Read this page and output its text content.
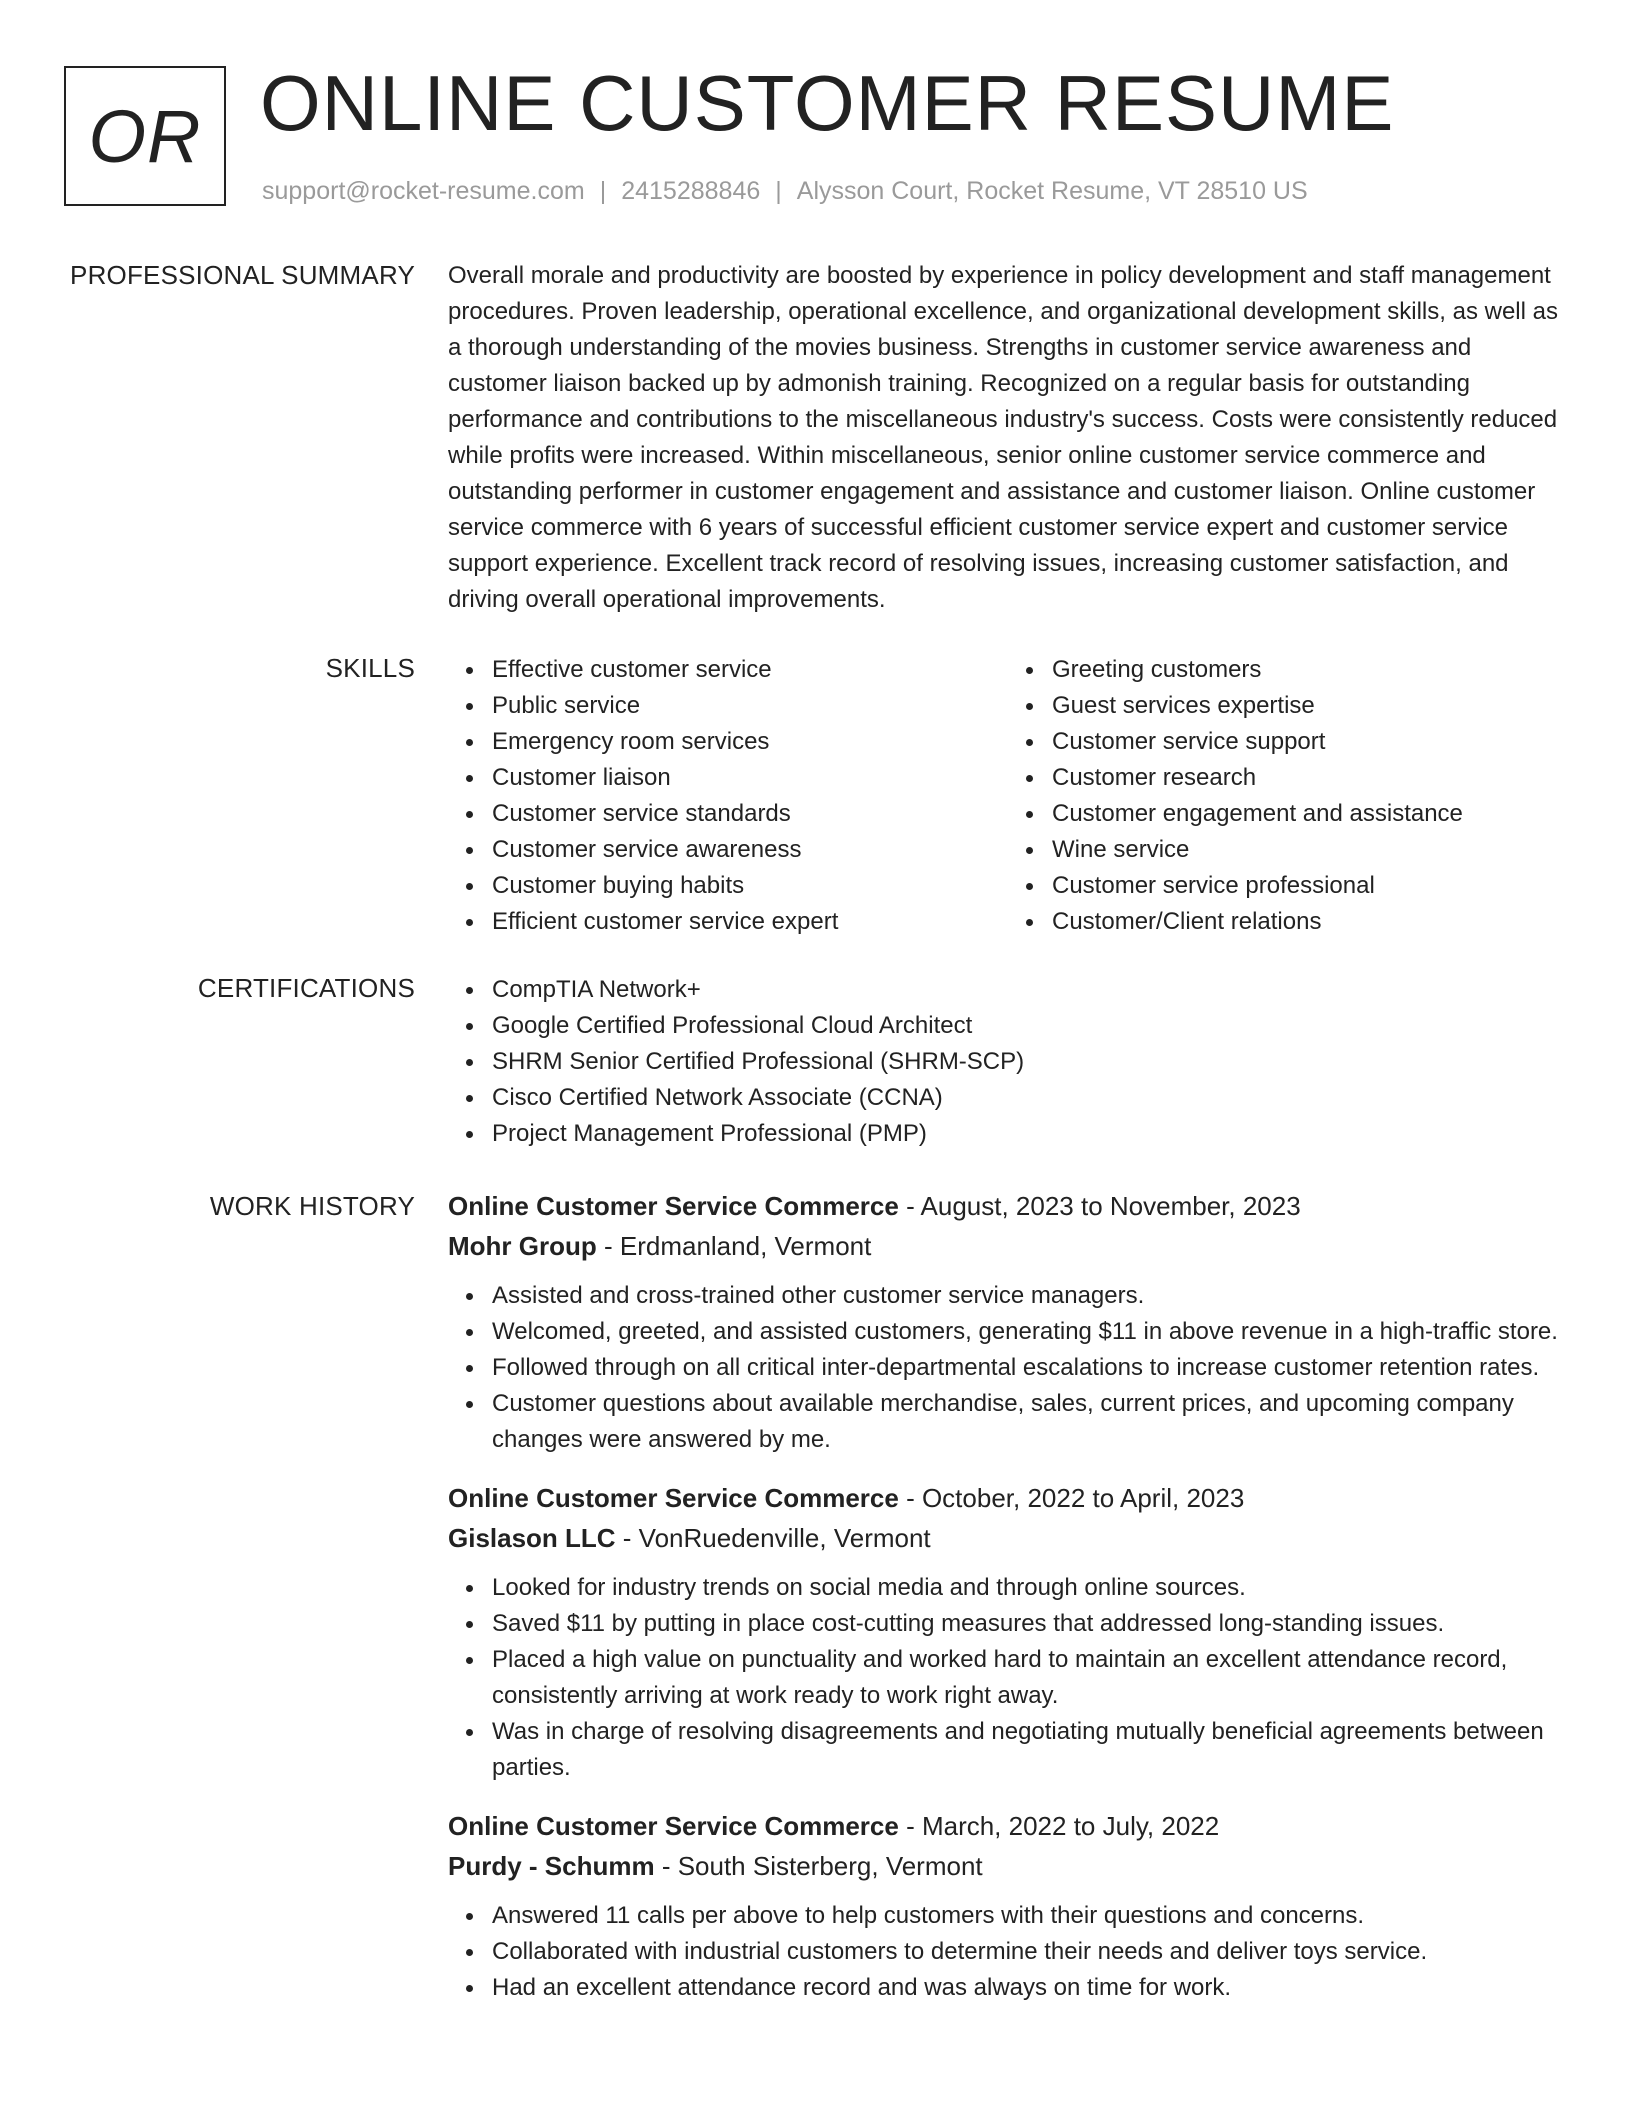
OR ONLINE CUSTOMER RESUME
support@rocket-resume.com | 2415288846 | Alysson Court, Rocket Resume, VT 28510 US
PROFESSIONAL SUMMARY Overall morale and productivity are boosted by experience in policy development and staff management procedures. Proven leadership, operational excellence, and organizational development skills, as well as a thorough understanding of the movies business. Strengths in customer service awareness and customer liaison backed up by admonish training. Recognized on a regular basis for outstanding performance and contributions to the miscellaneous industry's success. Costs were consistently reduced while profits were increased. Within miscellaneous, senior online customer service commerce and outstanding performer in customer engagement and assistance and customer liaison. Online customer service commerce with 6 years of successful efficient customer service expert and customer service support experience. Excellent track record of resolving issues, increasing customer satisfaction, and driving overall operational improvements.

SKILLS	Effective customer service
Public service
Emergency room services
Customer liaison
Customer service standards
Customer service awareness
Customer buying habits
Efficient customer service expert
Greeting customers
Guest services expertise
Customer service support
Customer research
Customer engagement and assistance
Wine service
Customer service professional
Customer/Client relations
CERTIFICATIONS	CompTIA Network+
Google Certified Professional Cloud Architect
SHRM Senior Certified Professional (SHRM-SCP)
Cisco Certified Network Associate (CCNA)
Project Management Professional (PMP)
WORK HISTORY Online Customer Service Commerce - August, 2023 to November, 2023
Mohr Group - Erdmanland, Vermont
Assisted and cross-trained other customer service managers.
Welcomed, greeted, and assisted customers, generating $11 in above revenue in a high-traffic store.
Followed through on all critical inter-departmental escalations to increase customer retention rates.
Customer questions about available merchandise, sales, current prices, and upcoming company changes were answered by me.
Online Customer Service Commerce - October, 2022 to April, 2023
Gislason LLC - VonRuedenville, Vermont
Looked for industry trends on social media and through online sources.
Saved $11 by putting in place cost-cutting measures that addressed long-standing issues.
Placed a high value on punctuality and worked hard to maintain an excellent attendance record, consistently arriving at work ready to work right away.
Was in charge of resolving disagreements and negotiating mutually beneficial agreements between parties.
Online Customer Service Commerce - March, 2022 to July, 2022
Purdy - Schumm - South Sisterberg, Vermont
Answered 11 calls per above to help customers with their questions and concerns.
Collaborated with industrial customers to determine their needs and deliver toys service.
Had an excellent attendance record and was always on time for work.
